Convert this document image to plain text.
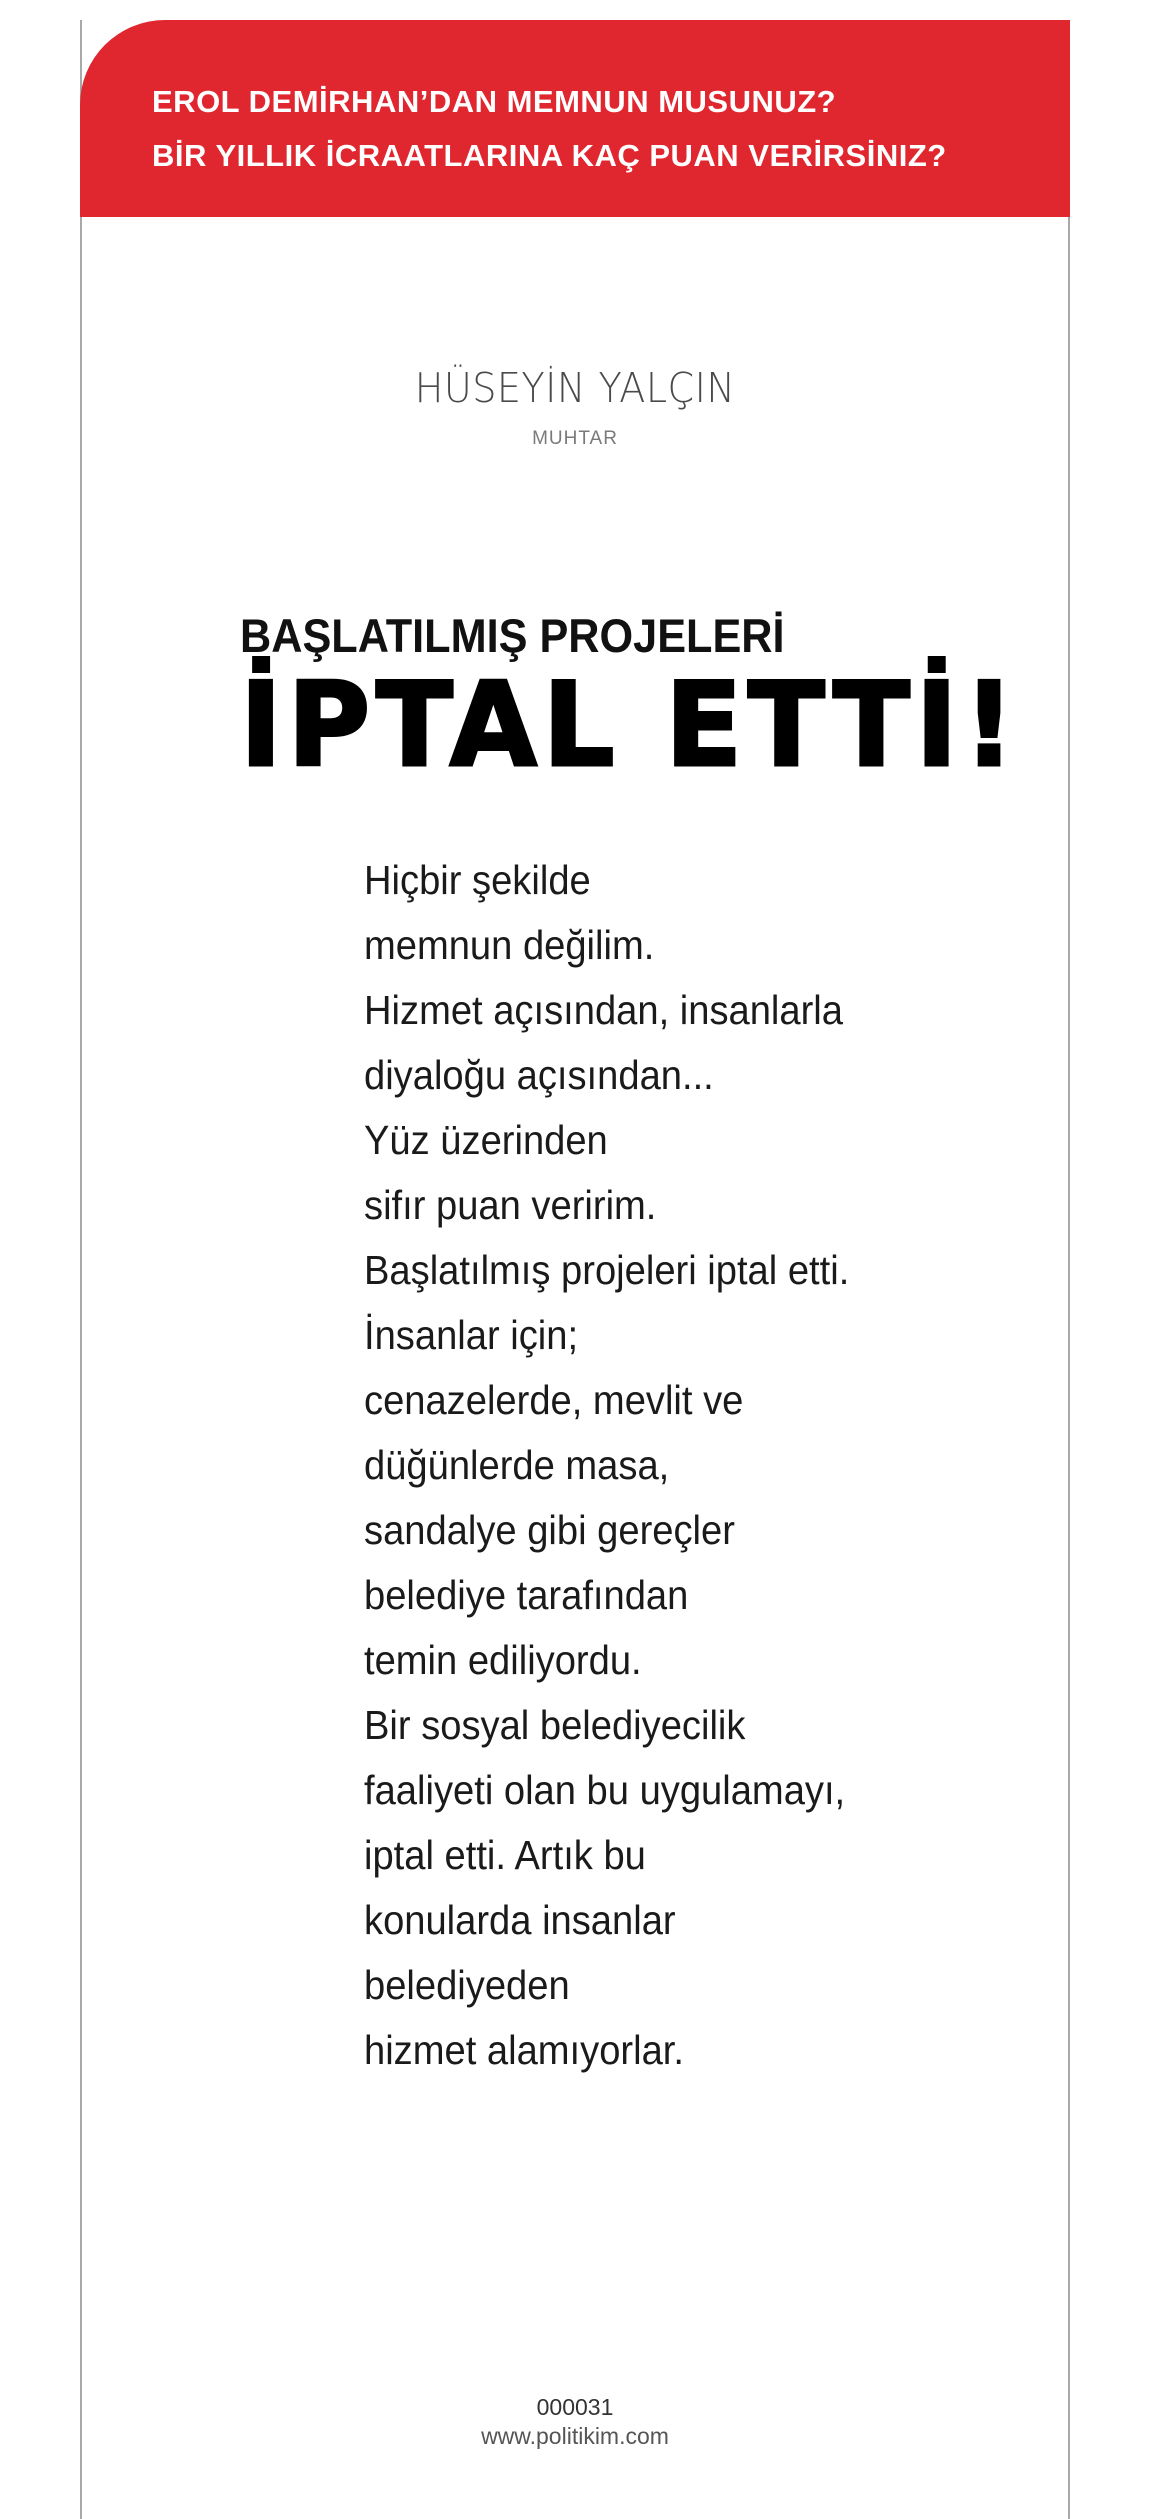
EROL DEMİRHAN’DAN MEMNUN MUSUNUZ?
BİR YILLIK İCRAATLARINA KAÇ PUAN VERİRSİNIZ?
HÜSEYİN YALÇIN
MUHTAR
BAŞLATILMIŞ PROJELERİ
İPTAL ETTİ!
Hiçbir şekilde
memnun değilim.
Hizmet açısından, insanlarla
diyaloğu açısından...
Yüz üzerinden
sifır puan veririm.
Başlatılmış projeleri iptal etti.
İnsanlar için;
cenazelerde, mevlit ve
düğünlerde masa,
sandalye gibi gereçler
belediye tarafından
temin ediliyordu.
Bir sosyal belediyecilik
faaliyeti olan bu uygulamayı,
iptal etti. Artık bu
konularda insanlar
belediyeden
hizmet alamıyorlar.
000031
www.politikim.com
